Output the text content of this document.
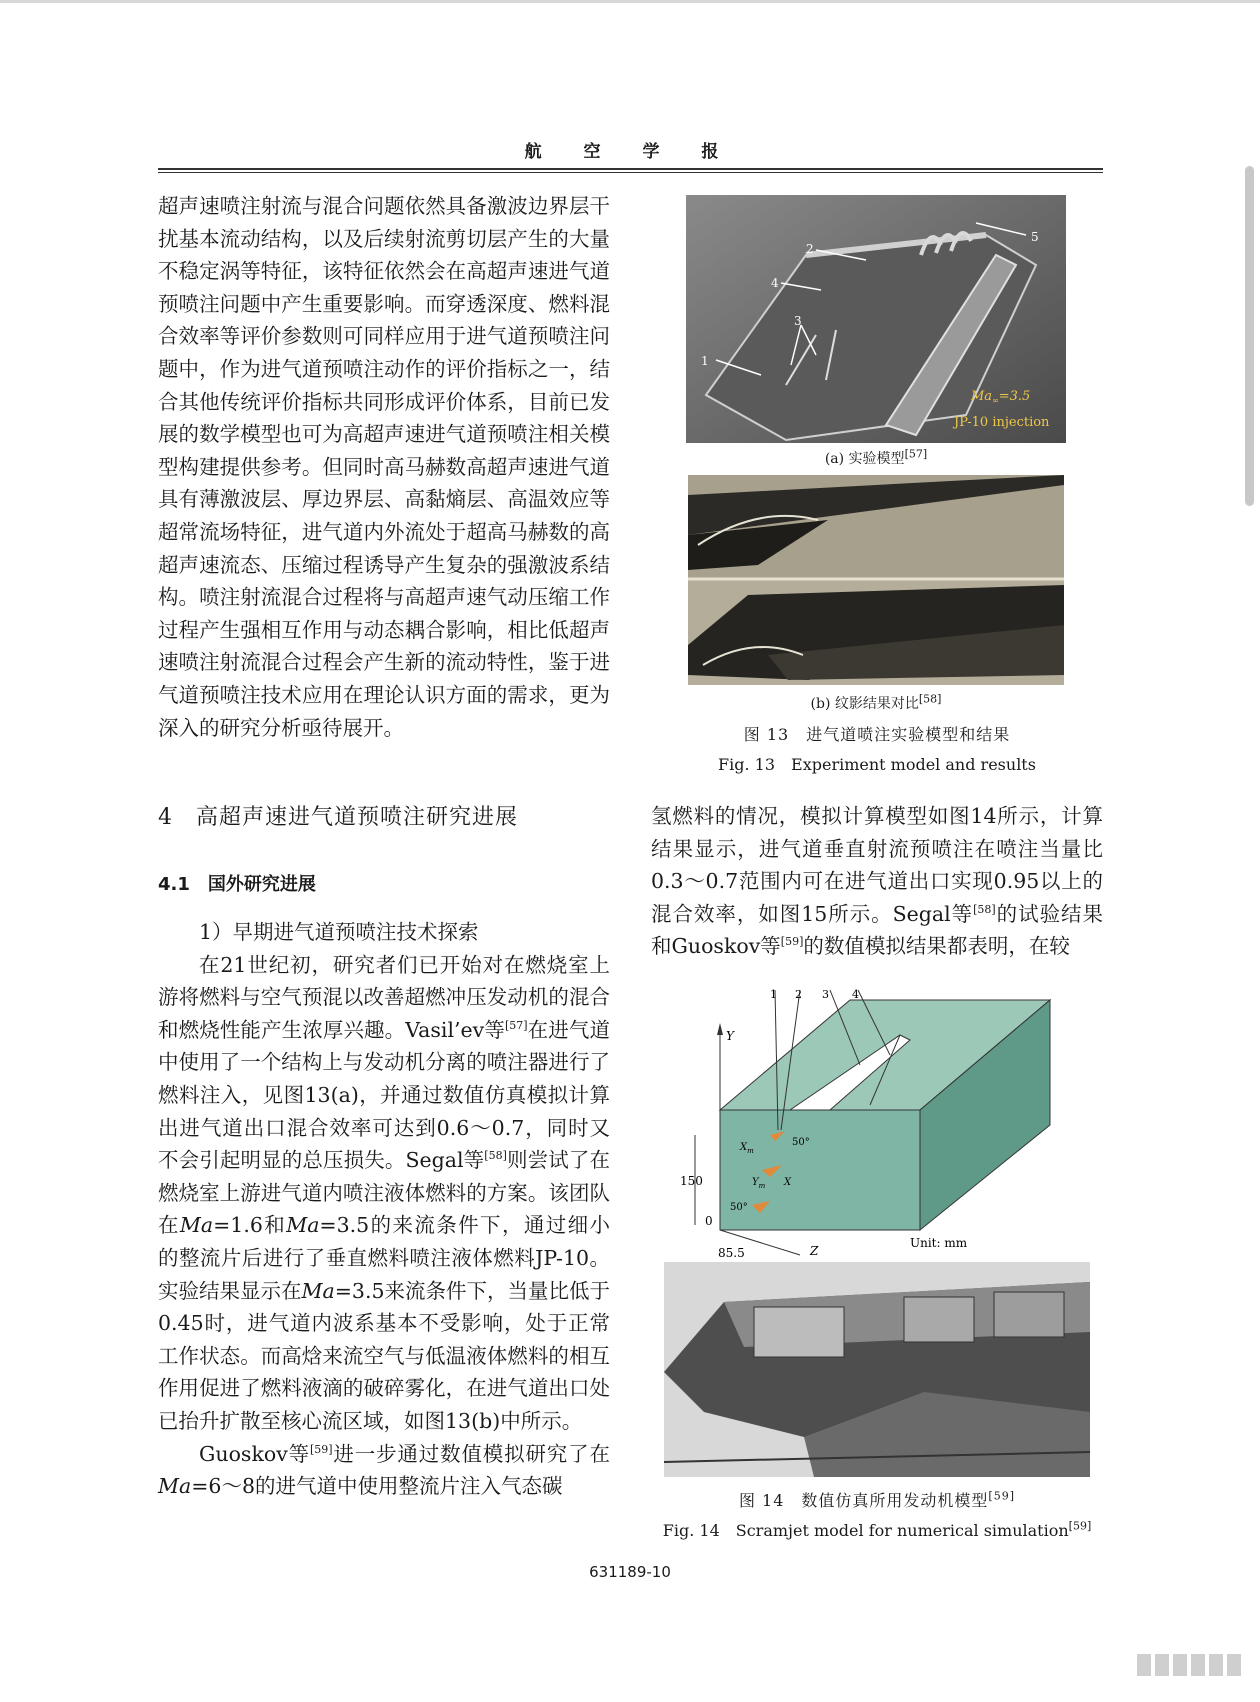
航 空 学 报

超声速喷注射流与混合问题依然具备激波边界层干扰基本流动结构，以及后续射流剪切层产生的大量不稳定涡等特征，该特征依然会在高超声速进气道预喷注问题中产生重要影响。而穿透深度、燃料混合效率等评价参数则可同样应用于进气道预喷注问题中，作为进气道预喷注动作的评价指标之一，结合其他传统评价指标共同形成评价体系，目前已发展的数学模型也可为高超声速进气道预喷注相关模型构建提供参考。但同时高马赫数高超声速进气道具有薄激波层、厚边界层、高黏熵层、高温效应等超常流场特征，进气道内外流处于超高马赫数的高超声速流态、压缩过程诱导产生复杂的强激波系结构。喷注射流混合过程将与高超声速气动压缩工作过程产生强相互作用与动态耦合影响，相比低超声速喷注射流混合过程会产生新的流动特性，鉴于进气道预喷注技术应用在理论认识方面的需求，更为深入的研究分析亟待展开。

4　高超声速进气道预喷注研究进展
4.1　国外研究进展

1）早期进气道预喷注技术探索

在21世纪初，研究者们已开始对在燃烧室上游将燃料与空气预混以改善超燃冲压发动机的混合和燃烧性能产生浓厚兴趣。Vasil’ev等[57]在进气道中使用了一个结构上与发动机分离的喷注器进行了燃料注入，见图13(a)，并通过数值仿真模拟计算出进气道出口混合效率可达到0.6～0.7，同时又不会引起明显的总压损失。Segal等[58]则尝试了在燃烧室上游进气道内喷注液体燃料的方案。该团队在Ma=1.6和Ma=3.5的来流条件下，通过细小的整流片后进行了垂直燃料喷注液体燃料JP-10。实验结果显示在Ma=3.5来流条件下，当量比低于0.45时，进气道内波系基本不受影响，处于正常工作状态。而高焓来流空气与低温液体燃料的相互作用促进了燃料液滴的破碎雾化，在进气道出口处已抬升扩散至核心流区域，如图13(b)中所示。

Guoskov等[59]进一步通过数值模拟研究了在Ma=6～8的进气道中使用整流片注入气态碳

1
2
3
4
5
$Ma_\infty=3.5$
JP-10 injection
(a) 实验模型[57]
(b) 纹影结果对比[58]
图 13　进气道喷注实验模型和结果
Fig. 13　Experiment model and results

氢燃料的情况，模拟计算模型如图14所示，计算结果显示，进气道垂直射流预喷注在喷注当量比0.3～0.7范围内可在进气道出口实现0.95以上的混合效率，如图15所示。Segal等[58]的试验结果和Guoskov等[59]的数值模拟结果都表明，在较

1 2 3 4
Y
X
Z
150
0
85.5
50°
50°
$X_m$
$Y_m$
Unit: mm
图 14　数值仿真所用发动机模型[59]
Fig. 14　Scramjet model for numerical simulation[59]
631189-10
